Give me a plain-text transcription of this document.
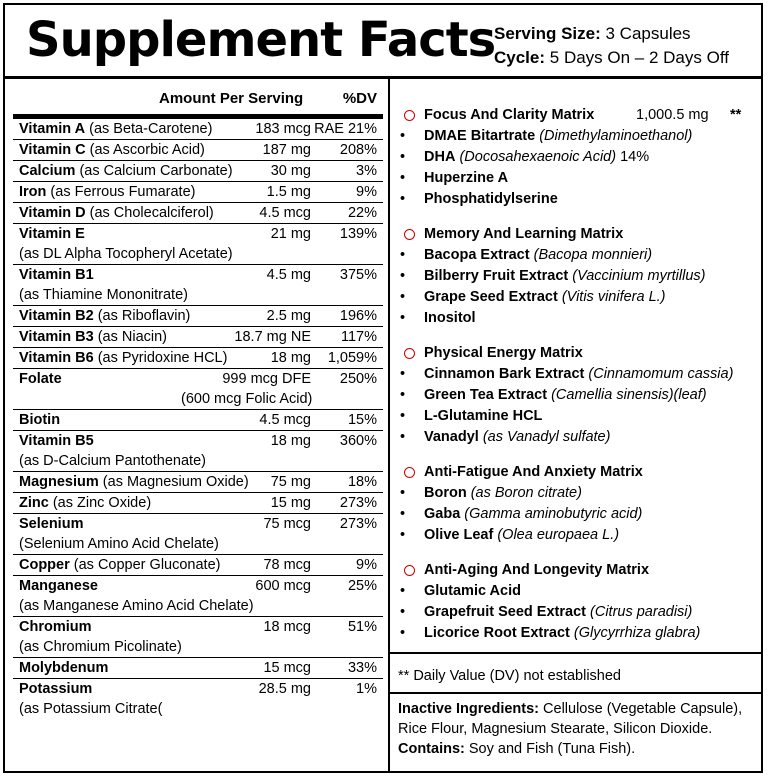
Supplement Facts
Serving Size: 3 Capsules
Cycle: 5 Days On – 2 Days Off
Amount Per Serving	%DV
Vitamin A (as Beta-Carotene)	183 mcg RAE 21%
Vitamin C (as Ascorbic Acid)	187 mg 208%
Calcium (as Calcium Carbonate)	30 mg	3%
Iron (as Ferrous Fumarate)	1.5 mg	9%
Vitamin D (as Cholecalciferol)	4.5 mcg	22%
Vitamin E	21 mg 139%
(as DL Alpha Tocopheryl Acetate)
Vitamin B1	4.5 mg 375%
(as Thiamine Mononitrate)
Vitamin B2 (as Riboflavin)	2.5 mg 196%
Vitamin B3 (as Niacin)	18.7 mg NE 117%
Vitamin B6 (as Pyridoxine HCL)	18 mg 1,059%
Folate	999 mcg DFE 250%
(600 mcg Folic Acid)
Biotin	4.5 mcg	15%
Vitamin B5	18 mg 360%
(as D-Calcium Pantothenate)
Magnesium (as Magnesium Oxide) 75 mg	18%
Zinc (as Zinc Oxide)	15 mg 273%
Selenium	75 mcg 273%
(Selenium Amino Acid Chelate)
Copper (as Copper Gluconate)	78 mcg	9%
Manganese	600 mcg	25%
(as Manganese Amino Acid Chelate)
Chromium	18 mcg	51%
(as Chromium Picolinate)
Molybdenum	15 mcg	33%
Potassium	28.5 mg	1%
(as Potassium Citrate(
Focus And Clarity Matrix	1,000.5 mg **
• DMAE Bitartrate (Dimethylaminoethanol)
• DHA (Docosahexaenoic Acid) 14%
• Huperzine A
• Phosphatidylserine
Memory And Learning Matrix
• Bacopa Extract (Bacopa monnieri)
• Bilberry Fruit Extract (Vaccinium myrtillus)
• Grape Seed Extract (Vitis vinifera L.)
• Inositol
Physical Energy Matrix
• Cinnamon Bark Extract (Cinnamomum cassia)
• Green Tea Extract (Camellia sinensis)(leaf)
• L-Glutamine HCL
• Vanadyl (as Vanadyl sulfate)
Anti-Fatigue And Anxiety Matrix
• Boron (as Boron citrate)
• Gaba (Gamma aminobutyric acid)
• Olive Leaf (Olea europaea L.)
Anti-Aging And Longevity Matrix
• Glutamic Acid
• Grapefruit Seed Extract (Citrus paradisi)
• Licorice Root Extract (Glycyrrhiza glabra)
** Daily Value (DV) not established
Inactive Ingredients: Cellulose (Vegetable Capsule), Rice Flour, Magnesium Stearate, Silicon Dioxide. Contains: Soy and Fish (Tuna Fish).
